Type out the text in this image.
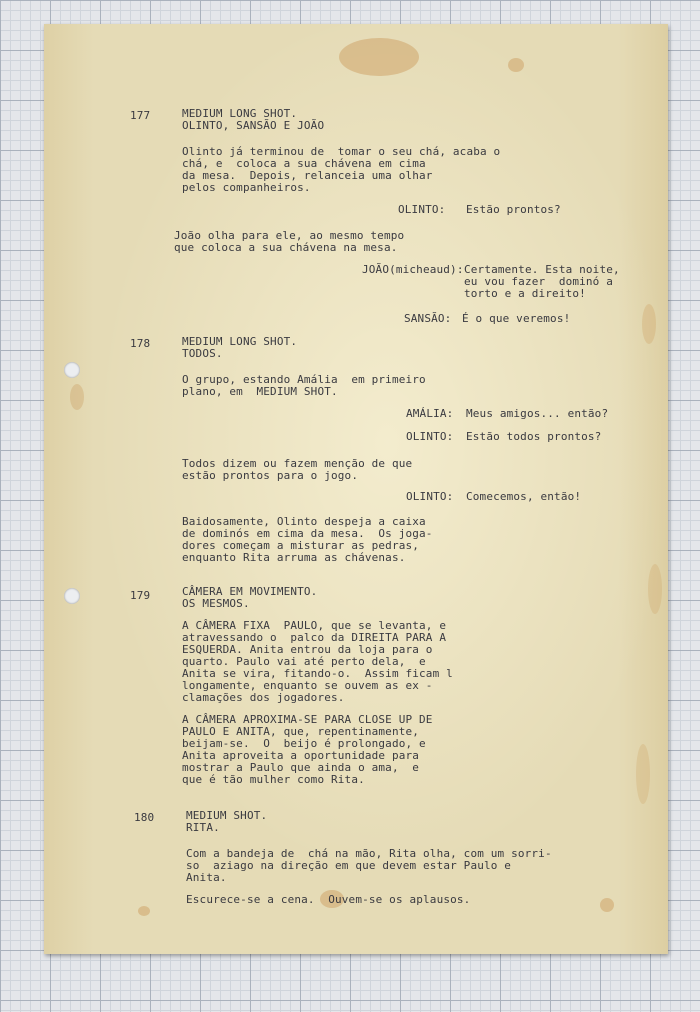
177	MEDIUM LONG SHOT.
OLINTO, SANSÃO E JOÃO
Olinto já terminou de  tomar o seu chá, acaba o
chá, e  coloca a sua chávena em cima
da mesa.  Depois, relanceia uma olhar
pelos companheiros.
OLINTO: Estão prontos?
João olha para ele, ao mesmo tempo
que coloca a sua chávena na mesa.
JOÃO(micheaud): Certamente. Esta noite,
eu vou fazer  dominó a
torto e a direito!
SANSÃO: É o que veremos!
178	MEDIUM LONG SHOT.
TODOS.
O grupo, estando Amália  em primeiro
plano, em  MEDIUM SHOT.
AMÁLIA: Meus amigos... então?
OLINTO: Estão todos prontos?
Todos dizem ou fazem menção de que
estão prontos para o jogo.
OLINTO: Comecemos, então!
Baidosamente, Olinto despeja a caixa
de dominós em cima da mesa.  Os joga-
dores começam a misturar as pedras,
enquanto Rita arruma as chávenas.
179	CÂMERA EM MOVIMENTO.
OS MESMOS.
A CÂMERA FIXA  PAULO, que se levanta, e
atravessando o  palco da DIREITA PARA A
ESQUERDA. Anita entrou da loja para o
quarto. Paulo vai até perto dela,  e
Anita se vira, fitando-o.  Assim ficam l
longamente, enquanto se ouvem as ex -
clamações dos jogadores.
A CÂMERA APROXIMA-SE PARA CLOSE UP DE
PAULO E ANITA, que, repentinamente,
beijam-se.  O  beijo é prolongado, e
Anita aproveita a oportunidade para
mostrar a Paulo que ainda o ama,  e
que é tão mulher como Rita.
180	MEDIUM SHOT.
RITA.
Com a bandeja de  chá na mão, Rita olha, com um sorri-
so  aziago na direção em que devem estar Paulo e
Anita.
Escurece-se a cena.  Ouvem-se os aplausos.
